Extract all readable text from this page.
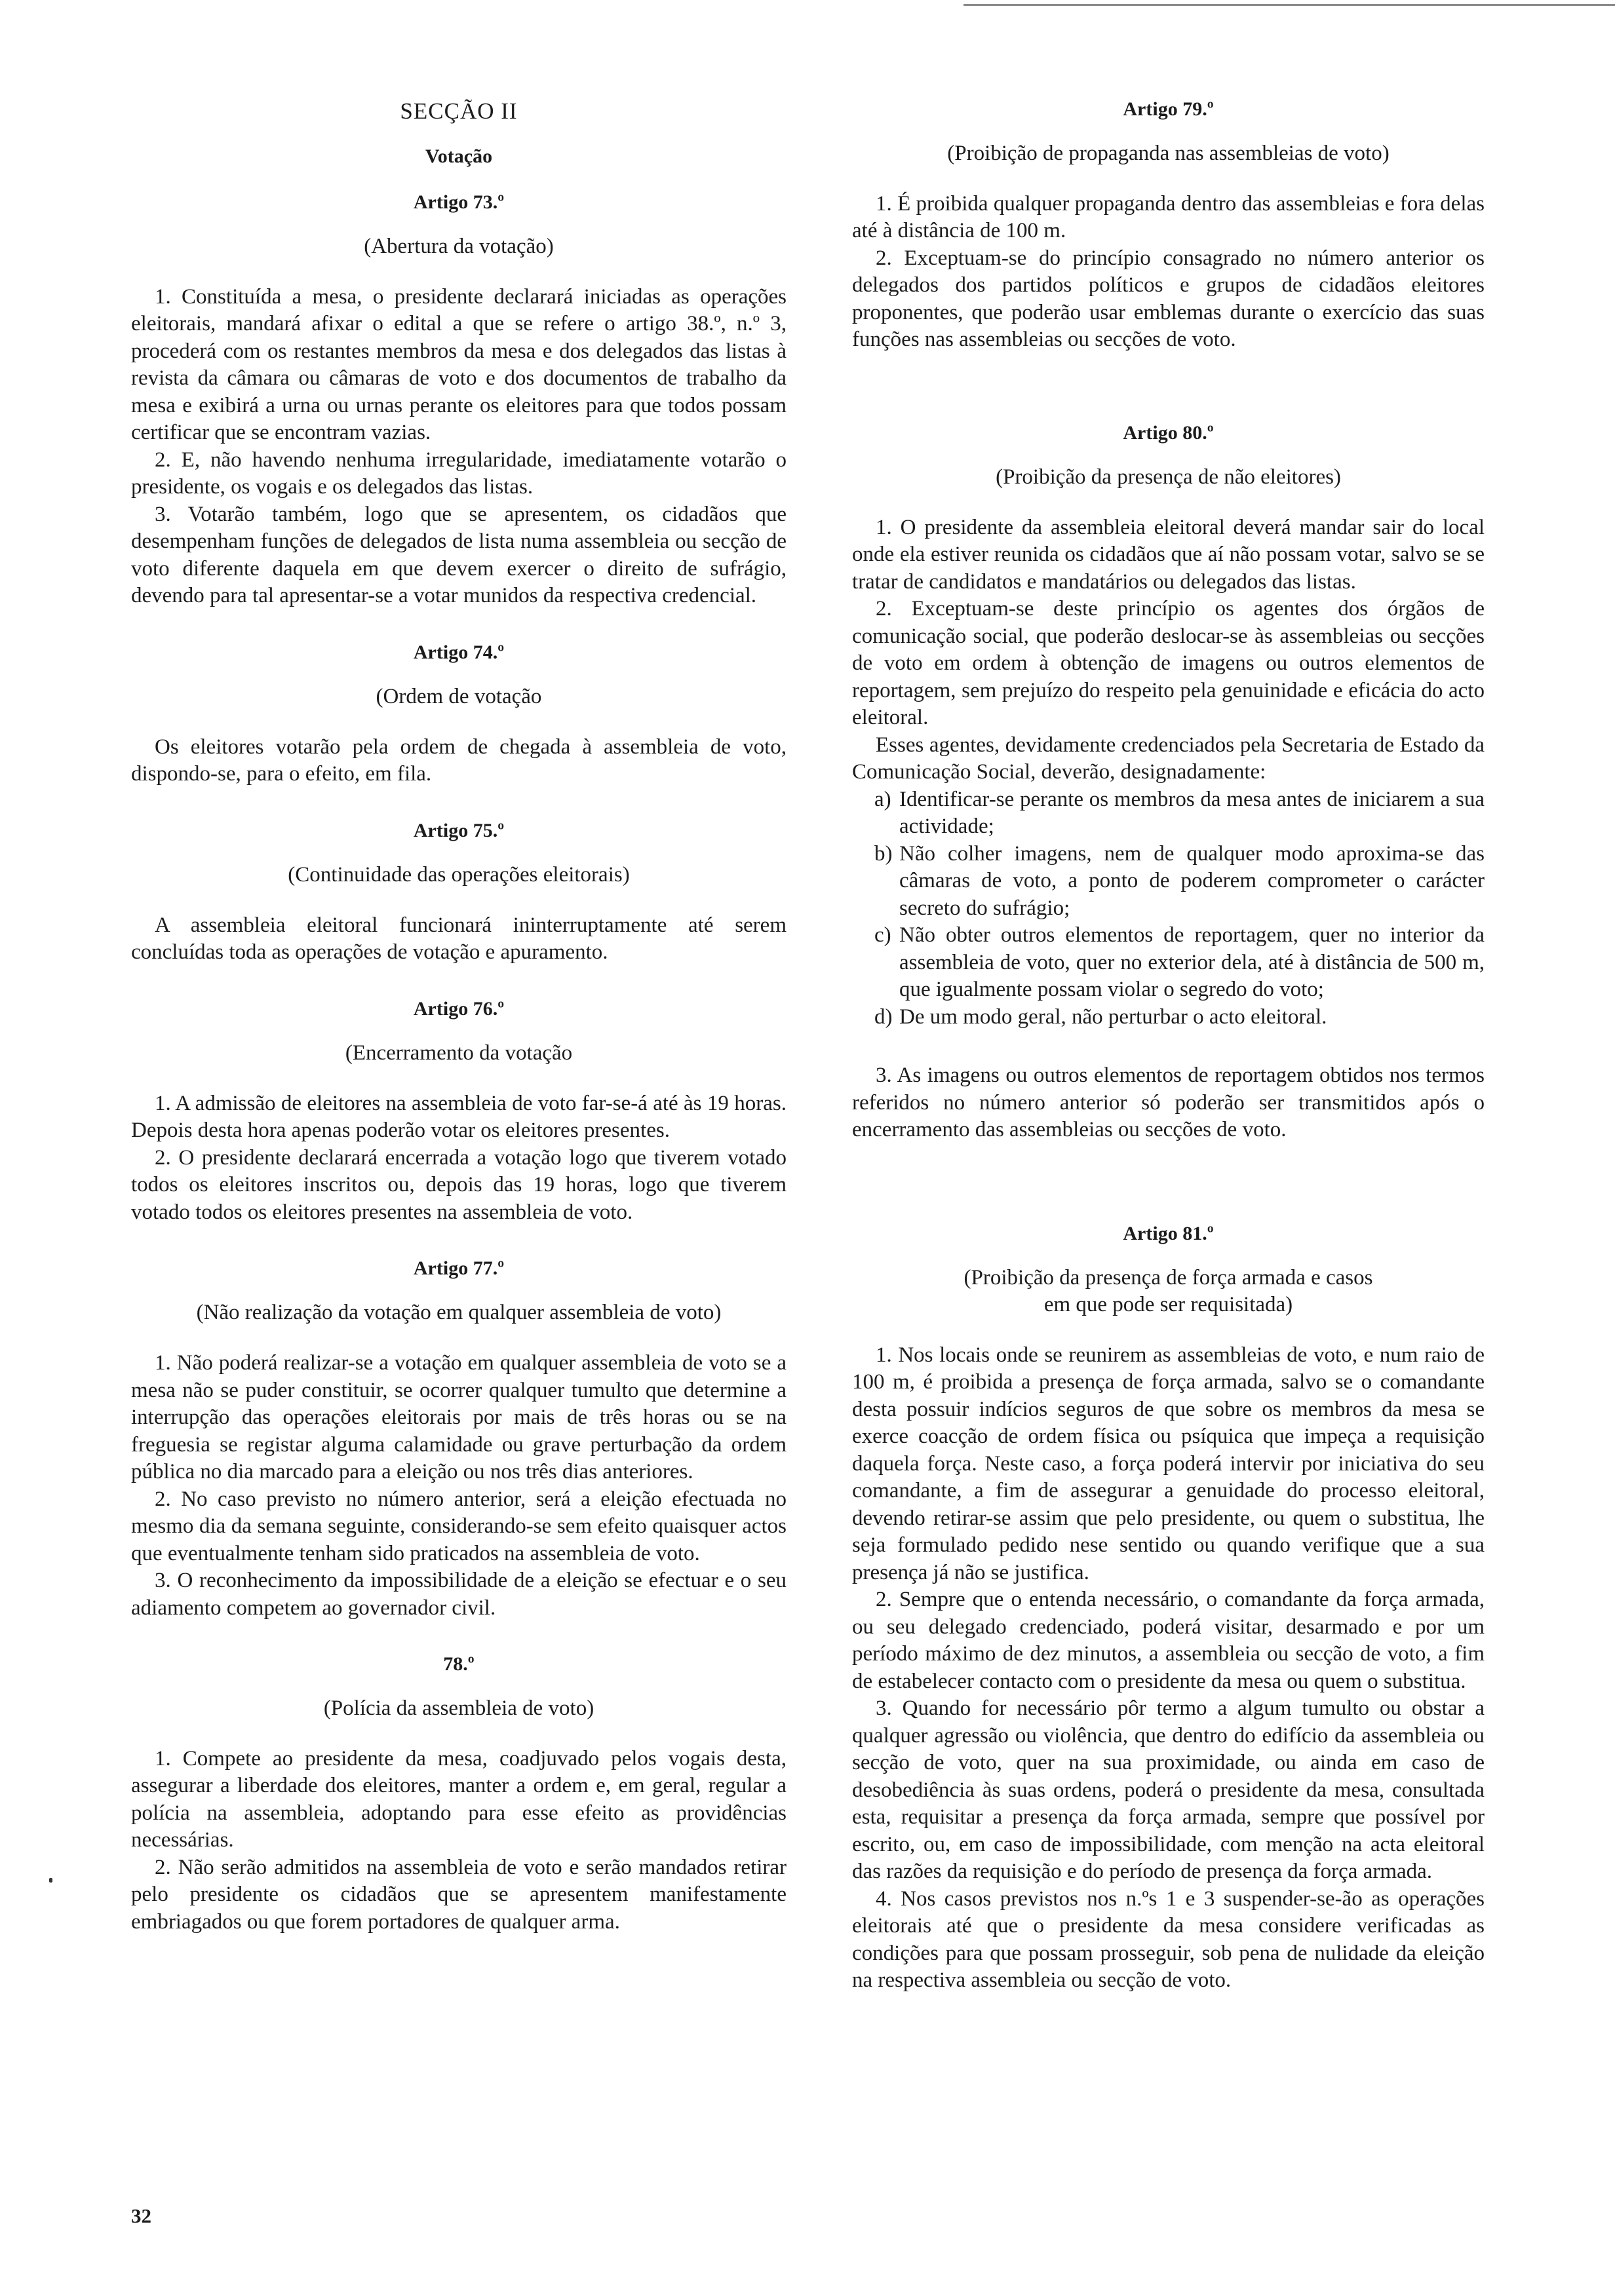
SECÇÃO II
Votação
Artigo 73.º
(Abertura da votação)

1. Constituída a mesa, o presidente declarará iniciadas as operações eleitorais, mandará afixar o edital a que se refere o artigo 38.º, n.º 3, procederá com os restantes membros da mesa e dos delegados das listas à revista da câmara ou câmaras de voto e dos documentos de trabalho da mesa e exibirá a urna ou urnas perante os eleitores para que todos possam certificar que se encontram vazias.

2. E, não havendo nenhuma irregularidade, imediatamente votarão o presidente, os vogais e os delegados das listas.

3. Votarão também, logo que se apresentem, os cidadãos que desempenham funções de delegados de lista numa assembleia ou secção de voto diferente daquela em que devem exercer o direito de sufrágio, devendo para tal apresentar-se a votar munidos da respectiva credencial.

Artigo 74.º
(Ordem de votação

Os eleitores votarão pela ordem de chegada à assembleia de voto, dispondo-se, para o efeito, em fila.

Artigo 75.º
(Continuidade das operações eleitorais)

A assembleia eleitoral funcionará ininterruptamente até serem concluídas toda as operações de votação e apuramento.

Artigo 76.º
(Encerramento da votação

1. A admissão de eleitores na assembleia de voto far-se-á até às 19 horas. Depois desta hora apenas poderão votar os eleitores presentes.

2. O presidente declarará encerrada a votação logo que tiverem votado todos os eleitores inscritos ou, depois das 19 horas, logo que tiverem votado todos os eleitores presentes na assembleia de voto.

Artigo 77.º
(Não realização da votação em qualquer assembleia de voto)

1. Não poderá realizar-se a votação em qualquer assembleia de voto se a mesa não se puder constituir, se ocorrer qualquer tumulto que determine a interrupção das operações eleitorais por mais de três horas ou se na freguesia se registar alguma calamidade ou grave perturbação da ordem pública no dia marcado para a eleição ou nos três dias anteriores.

2. No caso previsto no número anterior, será a eleição efectuada no mesmo dia da semana seguinte, considerando-se sem efeito quaisquer actos que eventualmente tenham sido praticados na assembleia de voto.

3. O reconhecimento da impossibilidade de a eleição se efectuar e o seu adiamento competem ao governador civil.

78.º
(Polícia da assembleia de voto)

1. Compete ao presidente da mesa, coadjuvado pelos vogais desta, assegurar a liberdade dos eleitores, manter a ordem e, em geral, regular a polícia na assembleia, adoptando para esse efeito as providências necessárias.

2. Não serão admitidos na assembleia de voto e serão mandados retirar pelo presidente os cidadãos que se apresentem manifestamente embriagados ou que forem portadores de qualquer arma.

Artigo 79.º
(Proibição de propaganda nas assembleias de voto)

1. É proibida qualquer propaganda dentro das assembleias e fora delas até à distância de 100 m.

2. Exceptuam-se do princípio consagrado no número anterior os delegados dos partidos políticos e grupos de cidadãos eleitores proponentes, que poderão usar emblemas durante o exercício das suas funções nas assembleias ou secções de voto.

Artigo 80.º
(Proibição da presença de não eleitores)

1. O presidente da assembleia eleitoral deverá mandar sair do local onde ela estiver reunida os cidadãos que aí não possam votar, salvo se se tratar de candidatos e mandatários ou delegados das listas.

2. Exceptuam-se deste princípio os agentes dos órgãos de comunicação social, que poderão deslocar-se às assembleias ou secções de voto em ordem à obtenção de imagens ou outros elementos de reportagem, sem prejuízo do respeito pela genuinidade e eficácia do acto eleitoral.

Esses agentes, devidamente credenciados pela Secretaria de Estado da Comunicação Social, deverão, designadamente:

a) Identificar-se perante os membros da mesa antes de iniciarem a sua actividade;
b) Não colher imagens, nem de qualquer modo aproxima-se das câmaras de voto, a ponto de poderem comprometer o carácter secreto do sufrágio;
c) Não obter outros elementos de reportagem, quer no interior da assembleia de voto, quer no exterior dela, até à distância de 500 m, que igualmente possam violar o segredo do voto;
d) De um modo geral, não perturbar o acto eleitoral.

3. As imagens ou outros elementos de reportagem obtidos nos termos referidos no número anterior só poderão ser transmitidos após o encerramento das assembleias ou secções de voto.

Artigo 81.º
(Proibição da presença de força armada e casos
em que pode ser requisitada)

1. Nos locais onde se reunirem as assembleias de voto, e num raio de 100 m, é proibida a presença de força armada, salvo se o comandante desta possuir indícios seguros de que sobre os membros da mesa se exerce coacção de ordem física ou psíquica que impeça a requisição daquela força. Neste caso, a força poderá intervir por iniciativa do seu comandante, a fim de assegurar a genuidade do processo eleitoral, devendo retirar-se assim que pelo presidente, ou quem o substitua, lhe seja formulado pedido nese sentido ou quando verifique que a sua presença já não se justifica.

2. Sempre que o entenda necessário, o comandante da força armada, ou seu delegado credenciado, poderá visitar, desarmado e por um período máximo de dez minutos, a assembleia ou secção de voto, a fim de estabelecer contacto com o presidente da mesa ou quem o substitua.

3. Quando for necessário pôr termo a algum tumulto ou obstar a qualquer agressão ou violência, que dentro do edifício da assembleia ou secção de voto, quer na sua proximidade, ou ainda em caso de desobediência às suas ordens, poderá o presidente da mesa, consultada esta, requisitar a presença da força armada, sempre que possível por escrito, ou, em caso de impossibilidade, com menção na acta eleitoral das razões da requisição e do período de presença da força armada.

4. Nos casos previstos nos n.ºs 1 e 3 suspender-se-ão as operações eleitorais até que o presidente da mesa considere verificadas as condições para que possam prosseguir, sob pena de nulidade da eleição na respectiva assembleia ou secção de voto.

32
